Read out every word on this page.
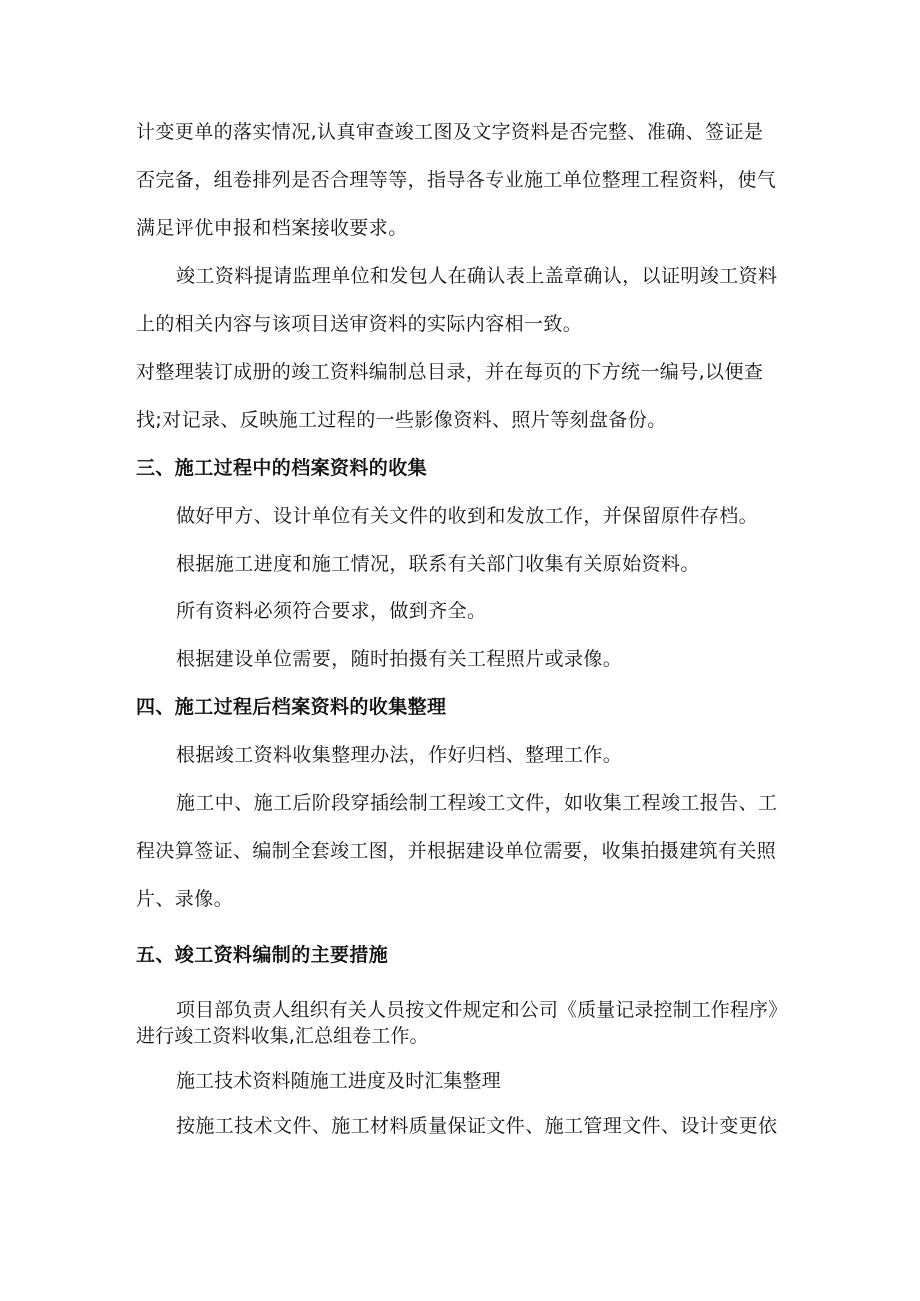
计变更单的落实情况,认真审查竣工图及文字资料是否完整、准确、签证是
否完备，组卷排列是否合理等等，指导各专业施工单位整理工程资料，使气
满足评优申报和档案接收要求。
竣工资料提请监理单位和发包人在确认表上盖章确认，以证明竣工资料
上的相关内容与该项目送审资料的实际内容相一致。
对整理装订成册的竣工资料编制总目录，并在每页的下方统一编号,以便查
找;对记录、反映施工过程的一些影像资料、照片等刻盘备份。
三、施工过程中的档案资料的收集
做好甲方、设计单位有关文件的收到和发放工作，并保留原件存档。
根据施工进度和施工情况，联系有关部门收集有关原始资料。
所有资料必须符合要求，做到齐全。
根据建设单位需要，随时拍摄有关工程照片或录像。
四、施工过程后档案资料的收集整理
根据竣工资料收集整理办法，作好归档、整理工作。
施工中、施工后阶段穿插绘制工程竣工文件，如收集工程竣工报告、工
程决算签证、编制全套竣工图，并根据建设单位需要，收集拍摄建筑有关照
片、录像。
五、竣工资料编制的主要措施
项目部负责人组织有关人员按文件规定和公司《质量记录控制工作程序》
进行竣工资料收集,汇总组卷工作。
施工技术资料随施工进度及时汇集整理
按施工技术文件、施工材料质量保证文件、施工管理文件、设计变更依
